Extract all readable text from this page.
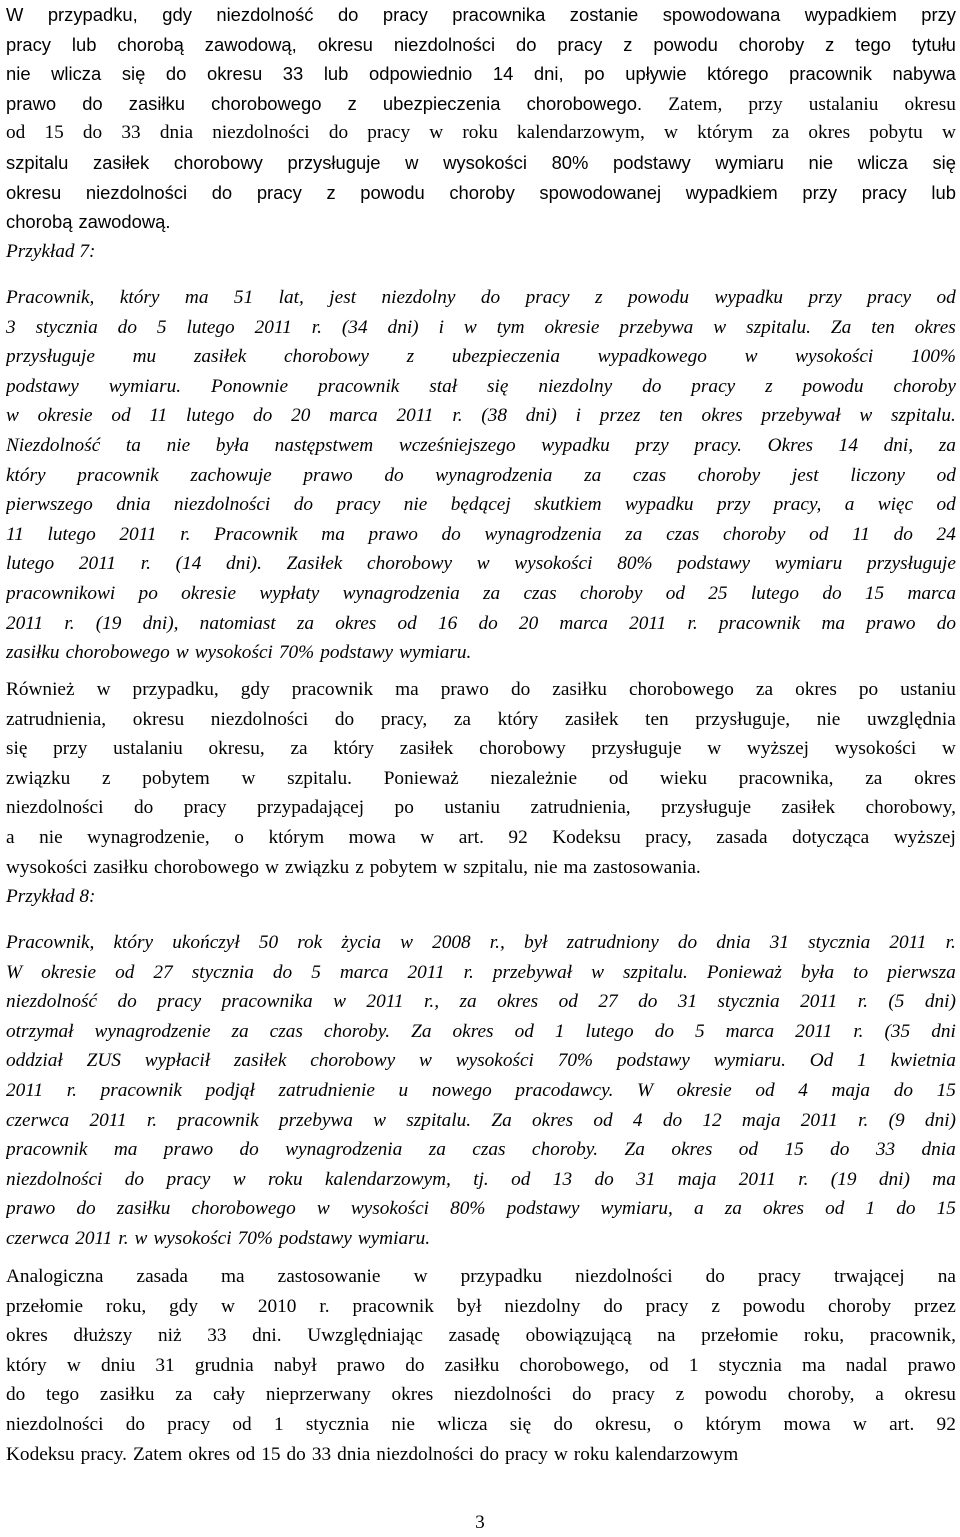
W przypadku, gdy niezdolność do pracy pracownika zostanie spowodowana wypadkiem przy
pracy lub chorobą zawodową, okresu niezdolności do pracy z powodu choroby z tego tytułu
nie wlicza się do okresu 33 lub odpowiednio 14 dni, po upływie którego pracownik nabywa
prawo do zasiłku chorobowego z ubezpieczenia chorobowego. Zatem, przy ustalaniu okresu
od 15 do 33 dnia niezdolności do pracy w roku kalendarzowym, w którym za okres pobytu w
szpitalu zasiłek chorobowy przysługuje w wysokości 80% podstawy wymiaru nie wlicza się
okresu niezdolności do pracy z powodu choroby spowodowanej wypadkiem przy pracy lub
chorobą zawodową.
Przykład 7:
Pracownik, który ma 51 lat, jest niezdolny do pracy z powodu wypadku przy pracy od
3 stycznia do 5 lutego 2011 r. (34 dni) i w tym okresie przebywa w szpitalu. Za ten okres
przysługuje mu zasiłek chorobowy z ubezpieczenia wypadkowego w wysokości 100%
podstawy wymiaru. Ponownie pracownik stał się niezdolny do pracy z powodu choroby
w okresie od 11 lutego do 20 marca 2011 r. (38 dni) i przez ten okres przebywał w szpitalu.
Niezdolność ta nie była następstwem wcześniejszego wypadku przy pracy. Okres 14 dni, za
który pracownik zachowuje prawo do wynagrodzenia za czas choroby jest liczony od
pierwszego dnia niezdolności do pracy nie będącej skutkiem wypadku przy pracy, a więc od
11 lutego 2011 r. Pracownik ma prawo do wynagrodzenia za czas choroby od 11 do 24
lutego 2011 r. (14 dni). Zasiłek chorobowy w wysokości 80% podstawy wymiaru przysługuje
pracownikowi po okresie wypłaty wynagrodzenia za czas choroby od 25 lutego do 15 marca
2011 r. (19 dni), natomiast za okres od 16 do 20 marca 2011 r. pracownik ma prawo do
zasiłku chorobowego w wysokości 70% podstawy wymiaru.
Również w przypadku, gdy pracownik ma prawo do zasiłku chorobowego za okres po ustaniu
zatrudnienia, okresu niezdolności do pracy, za który zasiłek ten przysługuje, nie uwzględnia
się przy ustalaniu okresu, za który zasiłek chorobowy przysługuje w wyższej wysokości w
związku z pobytem w szpitalu. Ponieważ niezależnie od wieku pracownika, za okres
niezdolności do pracy przypadającej po ustaniu zatrudnienia, przysługuje zasiłek chorobowy,
a nie wynagrodzenie, o którym mowa w art. 92 Kodeksu pracy, zasada dotycząca wyższej
wysokości zasiłku chorobowego w związku z pobytem w szpitalu, nie ma zastosowania.
Przykład 8:
Pracownik, który ukończył 50 rok życia w 2008 r., był zatrudniony do dnia 31 stycznia 2011 r.
W okresie od 27 stycznia do 5 marca 2011 r. przebywał w szpitalu. Ponieważ była to pierwsza
niezdolność do pracy pracownika w 2011 r., za okres od 27 do 31 stycznia 2011 r. (5 dni)
otrzymał wynagrodzenie za czas choroby. Za okres od 1 lutego do 5 marca 2011 r. (35 dni
oddział ZUS wypłacił zasiłek chorobowy w wysokości 70% podstawy wymiaru. Od 1 kwietnia
2011 r. pracownik podjął zatrudnienie u nowego pracodawcy. W okresie od 4 maja do 15
czerwca 2011 r. pracownik przebywa w szpitalu. Za okres od 4 do 12 maja 2011 r. (9 dni)
pracownik ma prawo do wynagrodzenia za czas choroby. Za okres od 15 do 33 dnia
niezdolności do pracy w roku kalendarzowym, tj. od 13 do 31 maja 2011 r. (19 dni) ma
prawo do zasiłku chorobowego w wysokości 80% podstawy wymiaru, a za okres od 1 do 15
czerwca 2011 r. w wysokości 70% podstawy wymiaru.
Analogiczna zasada ma zastosowanie w przypadku niezdolności do pracy trwającej na
przełomie roku, gdy w 2010 r. pracownik był niezdolny do pracy z powodu choroby przez
okres dłuższy niż 33 dni. Uwzględniając zasadę obowiązującą na przełomie roku, pracownik,
który w dniu 31 grudnia nabył prawo do zasiłku chorobowego, od 1 stycznia ma nadal prawo
do tego zasiłku za cały nieprzerwany okres niezdolności do pracy z powodu choroby, a okresu
niezdolności do pracy od 1 stycznia nie wlicza się do okresu, o którym mowa w art. 92
Kodeksu pracy. Zatem okres od 15 do 33 dnia niezdolności do pracy w roku kalendarzowym
3
